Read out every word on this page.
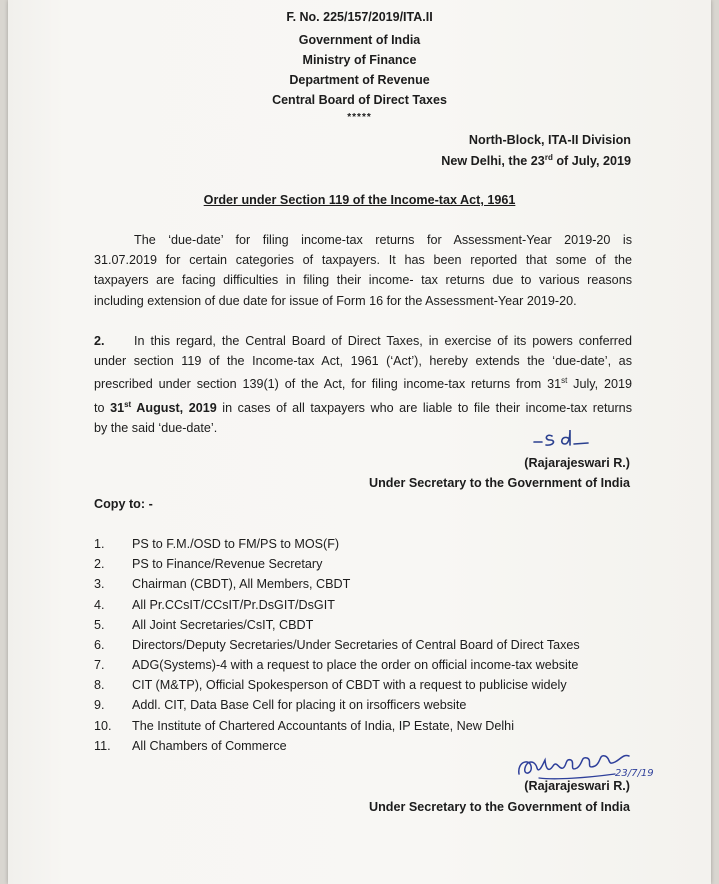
F. No. 225/157/2019/ITA.II
Government of India
Ministry of Finance
Department of Revenue
Central Board of Direct Taxes
*****
North-Block, ITA-II Division
New Delhi, the 23rd of July, 2019
Order under Section 119 of the Income-tax Act, 1961
The ‘due-date’ for filing income-tax returns for Assessment-Year 2019-20 is
31.07.2019 for certain categories of taxpayers. It has been reported that some of the
taxpayers are facing difficulties in filing their income- tax returns due to various reasons
including extension of due date for issue of Form 16 for the Assessment-Year 2019-20.
2.	In this regard, the Central Board of Direct Taxes, in exercise of its powers conferred
under section 119 of the Income-tax Act, 1961 (‘Act’), hereby extends the ‘due-date’, as
prescribed under section 139(1) of the Act, for filing income-tax returns from 31st July, 2019
to 31st August, 2019 in cases of all taxpayers who are liable to file their income-tax returns
by the said ‘due-date’.
(Rajarajeswari R.)
Under Secretary to the Government of India
Copy to: -
1. PS to F.M./OSD to FM/PS to MOS(F)
2. PS to Finance/Revenue Secretary
3. Chairman (CBDT), All Members, CBDT
4. All Pr.CCsIT/CCsIT/Pr.DsGIT/DsGIT
5. All Joint Secretaries/CsIT, CBDT
6. Directors/Deputy Secretaries/Under Secretaries of Central Board of Direct Taxes
7. ADG(Systems)-4 with a request to place the order on official income-tax website
8. CIT (M&TP), Official Spokesperson of CBDT with a request to publicise widely
9. Addl. CIT, Data Base Cell for placing it on irsofficers website
10. The Institute of Chartered Accountants of India, IP Estate, New Delhi
11. All Chambers of Commerce
23/7/19
(Rajarajeswari R.)
Under Secretary to the Government of India
